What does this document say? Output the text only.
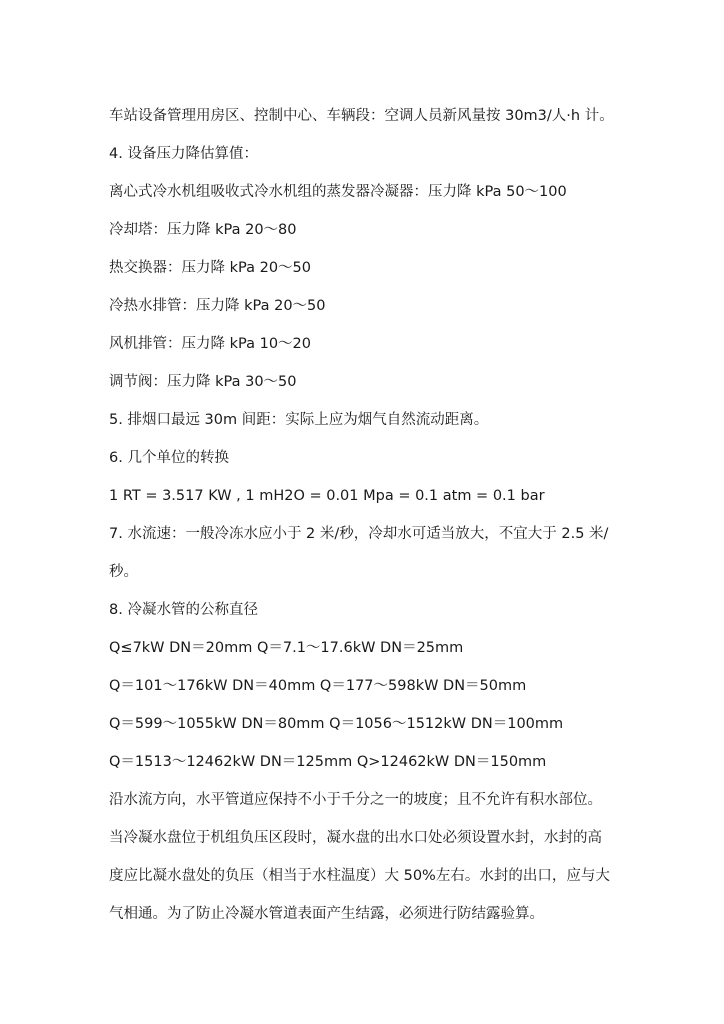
车站设备管理用房区、控制中心、车辆段：空调人员新风量按 30m3/人·h 计。
4. 设备压力降估算值：
离心式冷水机组吸收式冷水机组的蒸发器冷凝器：压力降 kPa 50～100
冷却塔：压力降 kPa 20～80
热交换器：压力降 kPa 20～50
冷热水排管：压力降 kPa 20～50
风机排管：压力降 kPa 10～20
调节阀：压力降 kPa 30～50
5. 排烟口最远 30m 间距：实际上应为烟气自然流动距离。
6. 几个单位的转换
1 RT = 3.517 KW , 1 mH2O = 0.01 Mpa = 0.1 atm = 0.1 bar
7. 水流速：一般冷冻水应小于 2 米/秒，冷却水可适当放大，不宜大于 2.5 米/
秒。
8. 冷凝水管的公称直径
Q≤7kW DN＝20mm Q＝7.1～17.6kW DN＝25mm
Q＝101～176kW DN＝40mm Q＝177～598kW DN＝50mm
Q＝599～1055kW DN＝80mm Q＝1056～1512kW DN＝100mm
Q＝1513～12462kW DN＝125mm Q>12462kW DN＝150mm
沿水流方向，水平管道应保持不小于千分之一的坡度；且不允许有积水部位。
当冷凝水盘位于机组负压区段时，凝水盘的出水口处必须设置水封，水封的高
度应比凝水盘处的负压（相当于水柱温度）大 50%左右。水封的出口，应与大
气相通。为了防止冷凝水管道表面产生结露，必须进行防结露验算。
